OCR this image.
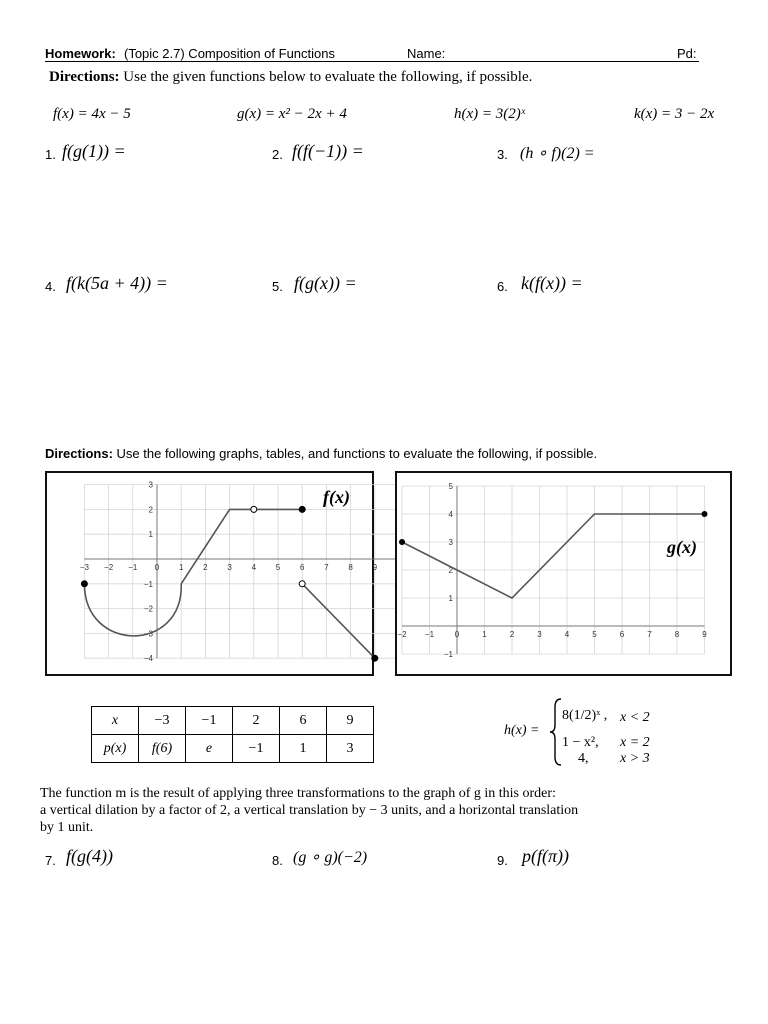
Homework: (Topic 2.7) Composition of Functions	Name:	Pd:
Directions: Use the given functions below to evaluate the following, if possible.
f(x) = 4x − 5	g(x) = x² − 2x + 4	h(x) = 3(2)ˣ	k(x) = 3 − 2x
1. f(g(1)) =	2. f(f(−1)) =	3. (h ∘ f)(2) =
4. f(k(5a + 4)) =	5. f(g(x)) =	6. k(f(x)) =
Directions: Use the following graphs, tables, and functions to evaluate the following, if possible.
−3 −2 −1 0 1 2 3 4 5 6 7 8 9
3
2
1
−1
−2
−3
−4
f(x)
−2 −1	0	1	2	3	4	5	6	7	8	9
5
4
3
2
1
−1
g(x)
x	−3	−1	2	6	9
p(x)	f(6)	e	−1	1	3
h(x) =
8(1/2)ˣ , x < 2
1 − x², x = 2
4, x > 3
The function m is the result of applying three transformations to the graph of g in this order:
a vertical dilation by a factor of 2, a vertical translation by − 3 units, and a horizontal translation
by 1 unit.
7. f(g(4))	8. (g ∘ g)(−2)	9. p(f(π))
